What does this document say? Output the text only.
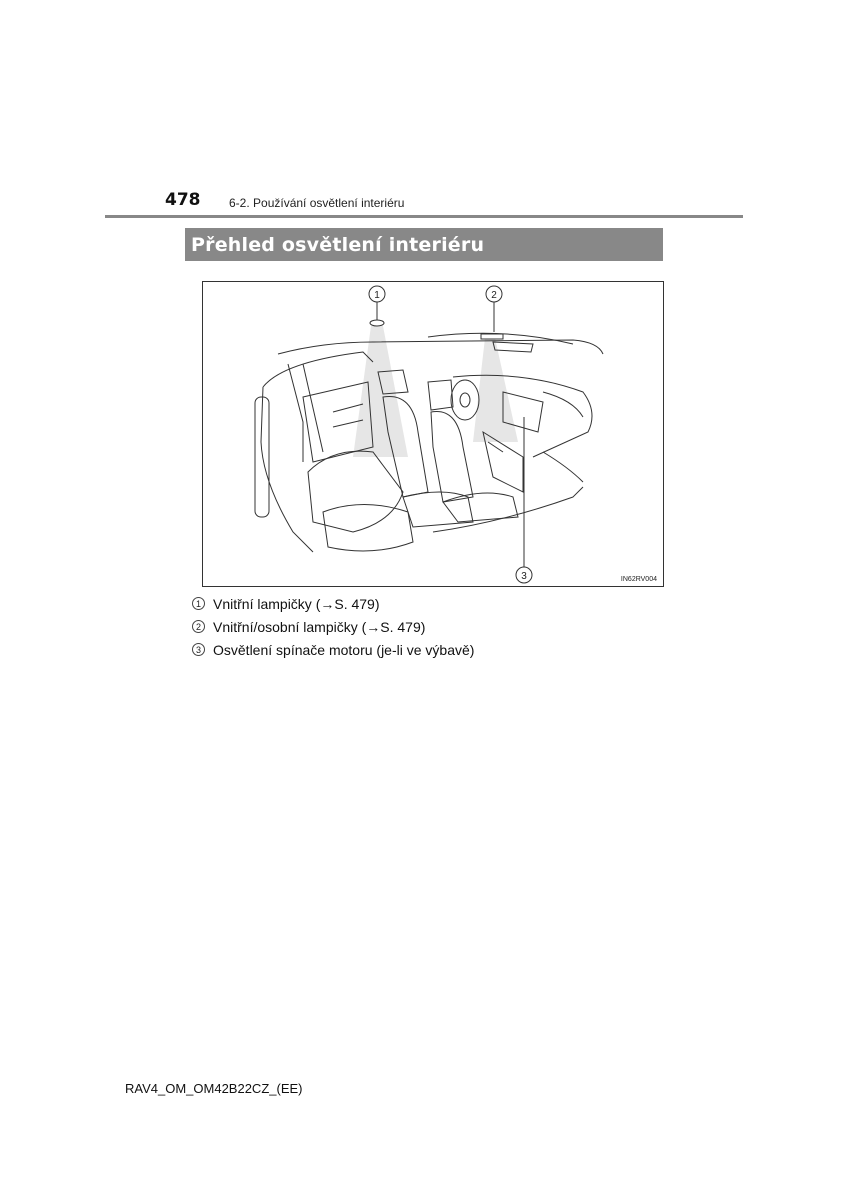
478 6-2. Používání osvětlení interiéru
Přehled osvětlení interiéru
1	2
3	IN62RV004
1 Vnitřní lampičky (→S. 479)
2 Vnitřní/osobní lampičky (→S. 479)
3 Osvětlení spínače motoru (je-li ve výbavě)
RAV4_OM_OM42B22CZ_(EE)
